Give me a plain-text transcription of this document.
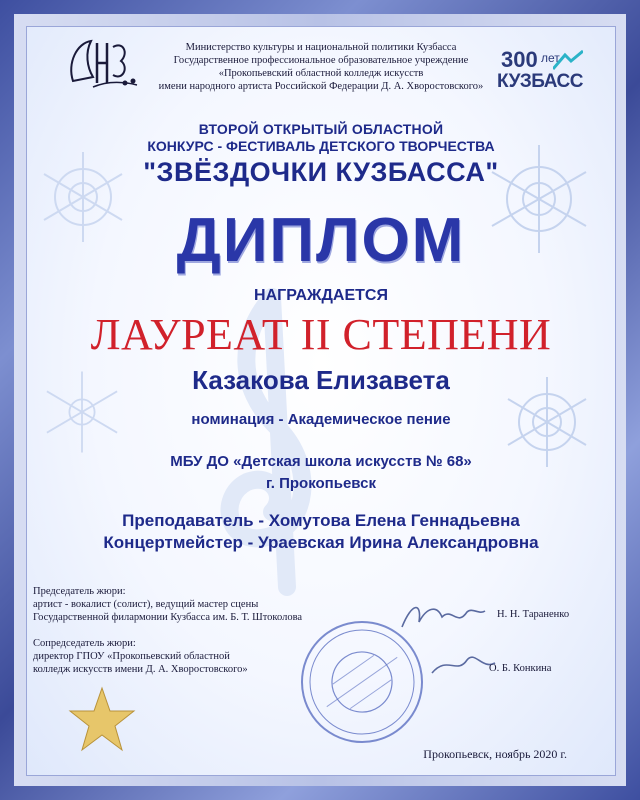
300 лет
КУЗБАСС
Министерство культуры и национальной политики Кузбасса
Государственное профессиональное образовательное учреждение
«Прокопьевский областной колледж искусств
имени народного артиста Российской Федерации Д. А. Хворостовского»
ВТОРОЙ ОТКРЫТЫЙ ОБЛАСТНОЙ
КОНКУРС - ФЕСТИВАЛЬ ДЕТСКОГО ТВОРЧЕСТВА
"ЗВЁЗДОЧКИ КУЗБАССА"
ДИПЛОМ
НАГРАЖДАЕТСЯ
ЛАУРЕАТ II СТЕПЕНИ
Казакова Елизавета
номинация - Академическое пение
МБУ ДО «Детская школа искусств № 68»
г. Прокопьевск
Преподаватель - Хомутова Елена Геннадьевна
Концертмейстер - Ураевская Ирина Александровна
Председатель жюри:
артист - вокалист (солист), ведущий мастер сцены
Государственной филармонии Кузбасса им. Б. Т. Штоколова	Н. Н. Тараненко
Сопредседатель жюри:
директор ГПОУ «Прокопьевский областной
колледж искусств имени Д. А. Хворостовского»	О. Б. Конкина
Прокопьевск, ноябрь 2020 г.
